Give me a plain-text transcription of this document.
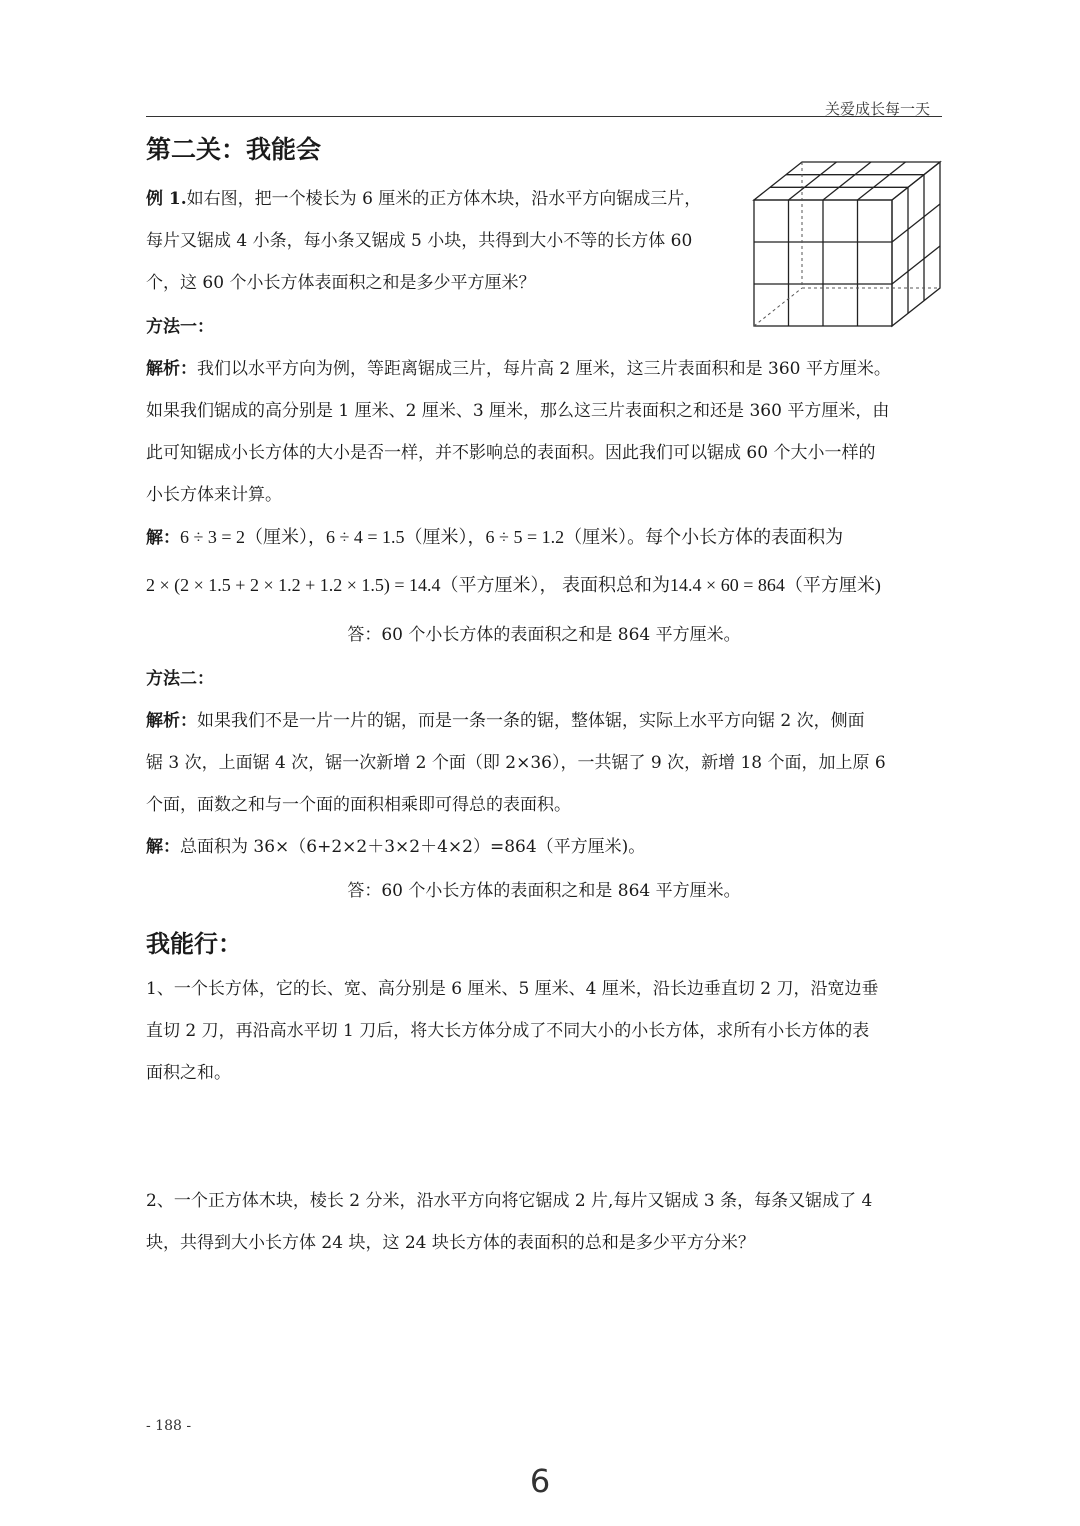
关爱成长每一天
第二关：我能会
例 1.如右图，把一个棱长为 6 厘米的正方体木块，沿水平方向锯成三片，
每片又锯成 4 小条，每小条又锯成 5 小块，共得到大小不等的长方体 60
个，这 60 个小长方体表面积之和是多少平方厘米？
方法一：
解析：我们以水平方向为例，等距离锯成三片，每片高 2 厘米，这三片表面积和是 360 平方厘米。
如果我们锯成的高分别是 1 厘米、2 厘米、3 厘米，那么这三片表面积之和还是 360 平方厘米，由
此可知锯成小长方体的大小是否一样，并不影响总的表面积。因此我们可以锯成 60 个大小一样的
小长方体来计算。
解：6 ÷ 3 = 2（厘米），6 ÷ 4 = 1.5（厘米），6 ÷ 5 = 1.2（厘米）。每个小长方体的表面积为
2 × (2 × 1.5 + 2 × 1.2 + 1.2 × 1.5) = 14.4（平方厘米）， 表面积总和为14.4 × 60 = 864（平方厘米)
答：60 个小长方体的表面积之和是 864 平方厘米。
方法二：
解析：如果我们不是一片一片的锯，而是一条一条的锯，整体锯，实际上水平方向锯 2 次，侧面
锯 3 次，上面锯 4 次，锯一次新增 2 个面（即 2×36），一共锯了 9 次，新增 18 个面，加上原 6
个面，面数之和与一个面的面积相乘即可得总的表面积。
解：总面积为 36×（6+2×2＋3×2＋4×2）=864（平方厘米)。
答：60 个小长方体的表面积之和是 864 平方厘米。
我能行：
1、一个长方体，它的长、宽、高分别是 6 厘米、5 厘米、4 厘米，沿长边垂直切 2 刀，沿宽边垂
直切 2 刀，再沿高水平切 1 刀后，将大长方体分成了不同大小的小长方体，求所有小长方体的表
面积之和。
2、一个正方体木块，棱长 2 分米，沿水平方向将它锯成 2 片,每片又锯成 3 条，每条又锯成了 4
块，共得到大小长方体 24 块，这 24 块长方体的表面积的总和是多少平方分米？
- 188 -
6
